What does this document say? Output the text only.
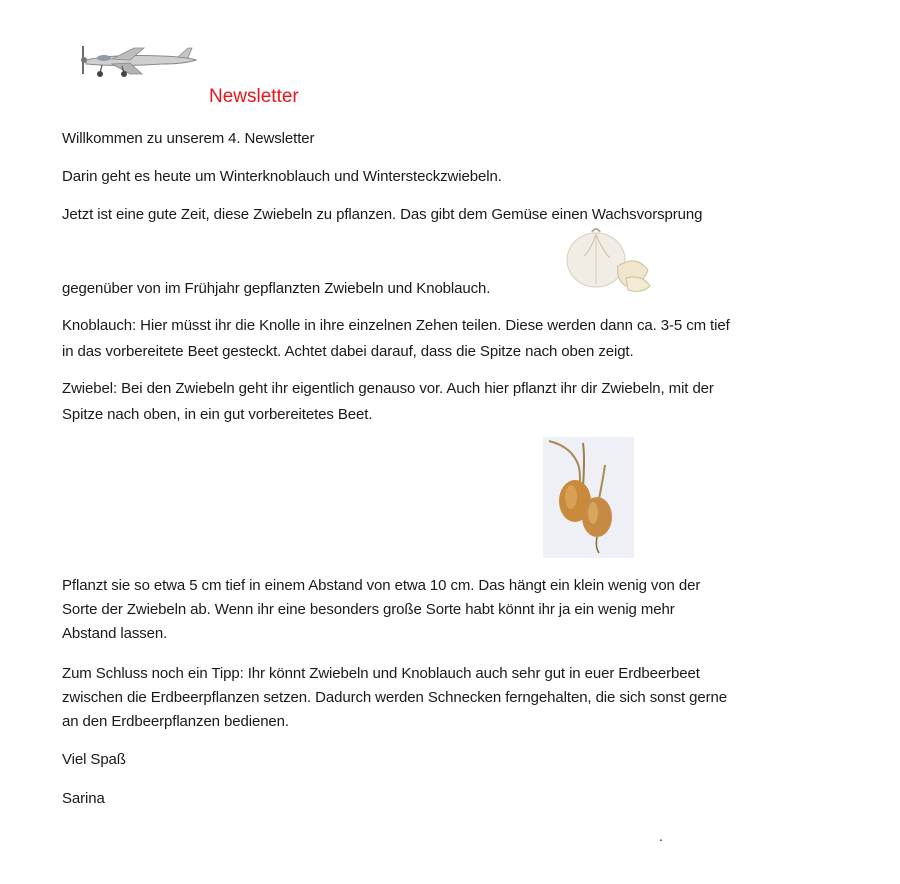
Newsletter
Willkommen zu unserem 4. Newsletter
Darin geht es heute um Winterknoblauch und Wintersteckzwiebeln.
Jetzt ist eine gute Zeit, diese Zwiebeln zu pflanzen. Das gibt dem Gemüse einen Wachsvorsprung
gegenüber von im Frühjahr gepflanzten Zwiebeln und Knoblauch.
Knoblauch: Hier müsst ihr die Knolle in ihre einzelnen Zehen teilen. Diese werden dann ca. 3-5 cm tief
in das vorbereitete Beet gesteckt. Achtet dabei darauf, dass die Spitze nach oben zeigt.
Zwiebel: Bei den Zwiebeln geht ihr eigentlich genauso vor. Auch hier pflanzt ihr dir Zwiebeln, mit der
Spitze nach oben, in ein gut vorbereitetes Beet.
Pflanzt sie so etwa 5 cm tief in einem Abstand von etwa 10 cm. Das hängt ein klein wenig von der
Sorte der Zwiebeln ab. Wenn ihr eine besonders große Sorte habt könnt ihr ja ein wenig mehr
Abstand lassen.
Zum Schluss noch ein Tipp: Ihr könnt Zwiebeln und Knoblauch auch sehr gut in euer Erdbeerbeet
zwischen die Erdbeerpflanzen setzen. Dadurch werden Schnecken ferngehalten, die sich sonst gerne
an den Erdbeerpflanzen bedienen.
Viel Spaß
Sarina
.
